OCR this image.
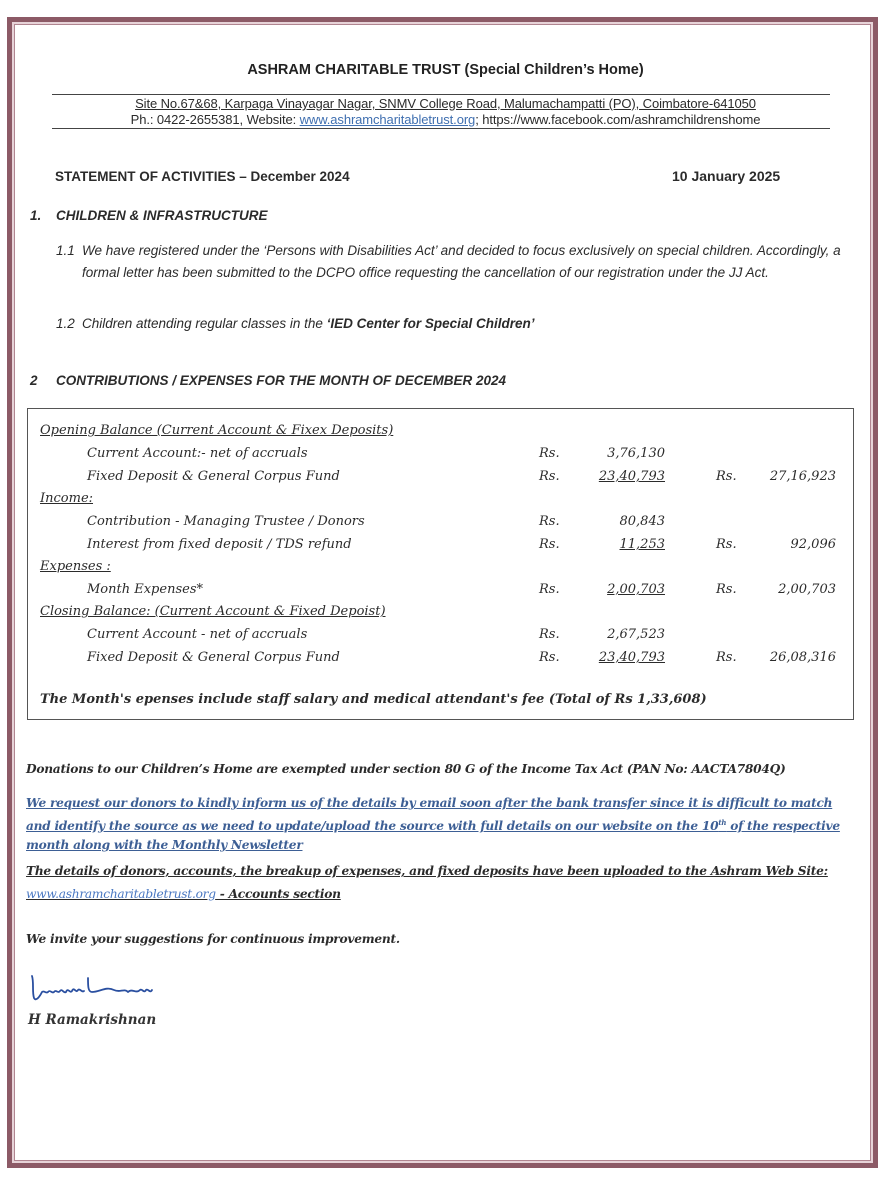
ASHRAM CHARITABLE TRUST (Special Children’s Home)
Site No.67&68, Karpaga Vinayagar Nagar, SNMV College Road, Malumachampatti (PO), Coimbatore-641050
Ph.: 0422-2655381, Website: www.ashramcharitabletrust.org; https://www.facebook.com/ashramchildrenshome
STATEMENT OF ACTIVITIES – December 2024	10 January 2025
1. CHILDREN & INFRASTRUCTURE
1.1 We have registered under the ‘Persons with Disabilities Act’ and decided to focus exclusively on special children. Accordingly, a formal letter has been submitted to the DCPO office requesting the cancellation of our registration under the JJ Act.
1.2 Children attending regular classes in the ‘IED Center for Special Children’
2 CONTRIBUTIONS / EXPENSES FOR THE MONTH OF DECEMBER 2024
Opening Balance (Current Account & Fixex Deposits)
Current Account:- net of accruals	Rs.	3,76,130
Fixed Deposit & General Corpus Fund	Rs.	23,40,793	Rs.	27,16,923
Income:
Contribution - Managing Trustee / Donors	Rs.	80,843
Interest from fixed deposit / TDS refund	Rs.	11,253	Rs.	92,096
Expenses :
Month Expenses*	Rs.	2,00,703	Rs.	2,00,703
Closing Balance: (Current Account & Fixed Depoist)
Current Account - net of accruals	Rs.	2,67,523
Fixed Deposit & General Corpus Fund	Rs.	23,40,793	Rs.	26,08,316
The Month's epenses include staff salary and medical attendant's fee (Total of Rs 1,33,608)
Donations to our Children’s Home are exempted under section 80 G of the Income Tax Act (PAN No: AACTA7804Q)
We request our donors to kindly inform us of the details by email soon after the bank transfer since it is difficult to match and identify the source as we need to update/upload the source with full details on our website on the 10th of the respective month along with the Monthly Newsletter
The details of donors, accounts, the breakup of expenses, and fixed deposits have been uploaded to the Ashram Web Site: www.ashramcharitabletrust.org - Accounts section
We invite your suggestions for continuous improvement.
H Ramakrishnan
